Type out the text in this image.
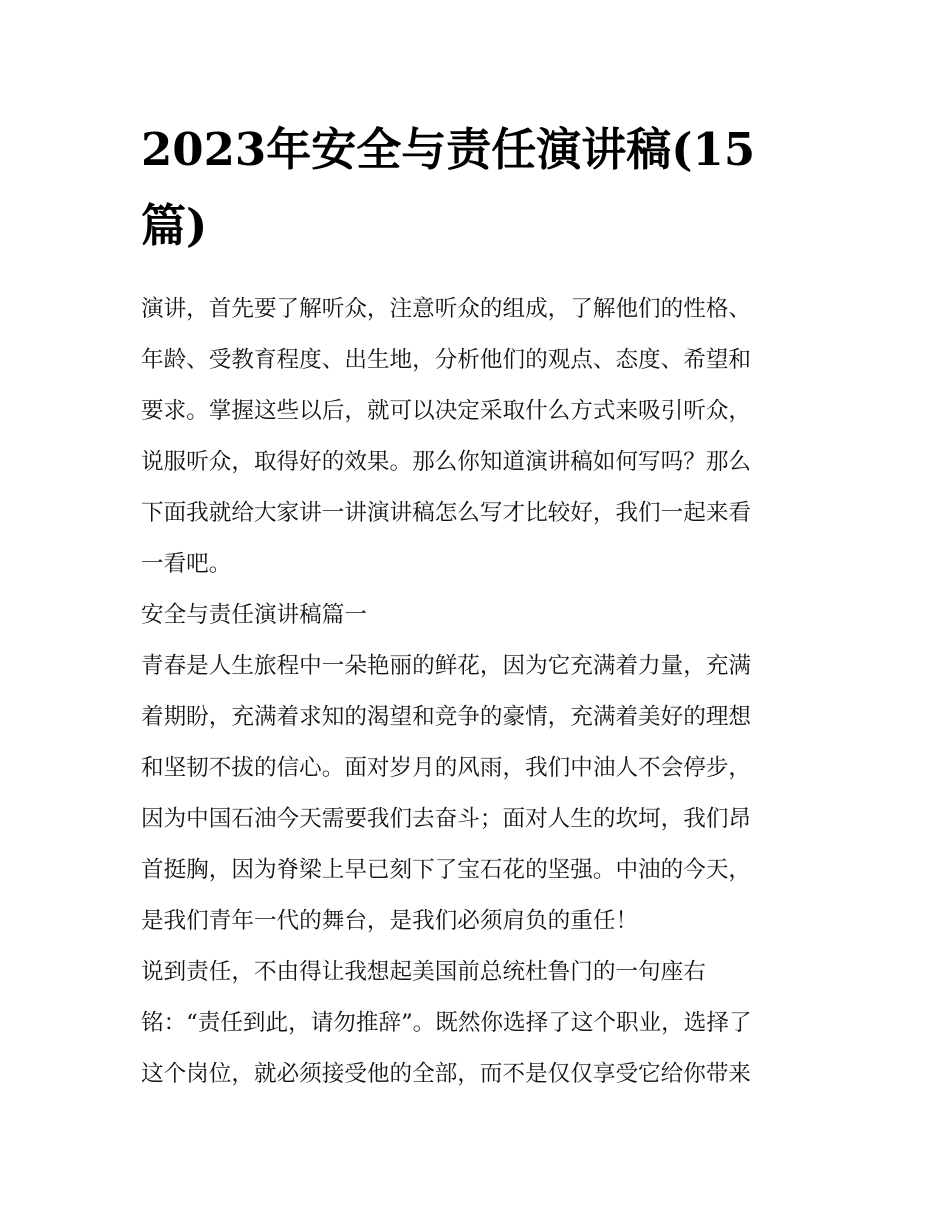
2023年安全与责任演讲稿(15
篇)
演讲，首先要了解听众，注意听众的组成，了解他们的性格、
年龄、受教育程度、出生地，分析他们的观点、态度、希望和
要求。掌握这些以后，就可以决定采取什么方式来吸引听众，
说服听众，取得好的效果。那么你知道演讲稿如何写吗？那么
下面我就给大家讲一讲演讲稿怎么写才比较好，我们一起来看
一看吧。
安全与责任演讲稿篇一
青春是人生旅程中一朵艳丽的鲜花，因为它充满着力量，充满
着期盼，充满着求知的渴望和竞争的豪情，充满着美好的理想
和坚韧不拔的信心。面对岁月的风雨，我们中油人不会停步，
因为中国石油今天需要我们去奋斗；面对人生的坎坷，我们昂
首挺胸，因为脊梁上早已刻下了宝石花的坚强。中油的今天，
是我们青年一代的舞台，是我们必须肩负的重任！
说到责任，不由得让我想起美国前总统杜鲁门的一句座右
铭：“责任到此，请勿推辞”。既然你选择了这个职业，选择了
这个岗位，就必须接受他的全部，而不是仅仅享受它给你带来
